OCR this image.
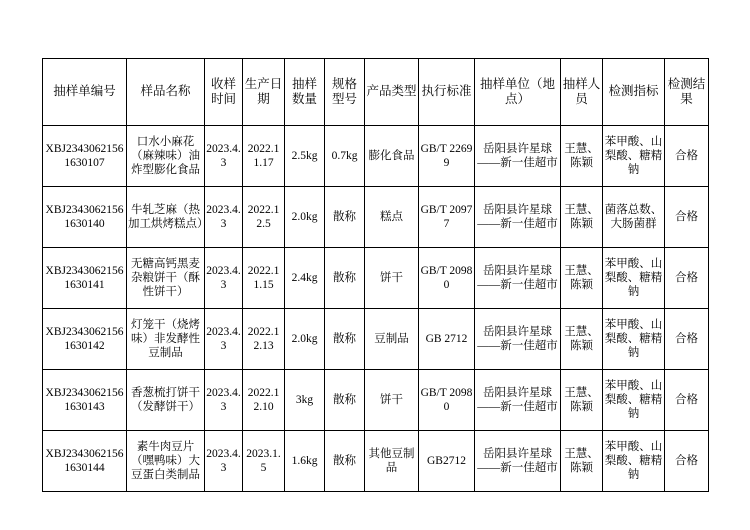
抽样单编号	样品名称	收样时间	生产日期	抽样数量	规格型号	产品类型	执行标准	抽样单位（地点）	抽样人员	检测指标	检测结果
XBJ23430621561630107	口水小麻花（麻辣味）油炸型膨化食品	2023.4.3	2022.11.17	2.5kg	0.7kg	膨化食品	GB/T 22699	岳阳县许星球——新一佳超市	王慧、陈颖	苯甲酸、山梨酸、糖精钠	合格
XBJ23430621561630140	牛轧芝麻（热加工烘烤糕点）	2023.4.3	2022.12.5	2.0kg	散称	糕点	GB/T 20977	岳阳县许星球——新一佳超市	王慧、陈颖	菌落总数、大肠菌群	合格
XBJ23430621561630141	无糖高钙黑麦杂粮饼干（酥性饼干）	2023.4.3	2022.11.15	2.4kg	散称	饼干	GB/T 20980	岳阳县许星球——新一佳超市	王慧、陈颖	苯甲酸、山梨酸、糖精钠	合格
XBJ23430621561630142	灯笼干（烧烤味）非发酵性豆制品	2023.4.3	2022.12.13	2.0kg	散称	豆制品	GB 2712	岳阳县许星球——新一佳超市	王慧、陈颖	苯甲酸、山梨酸、糖精钠	合格
XBJ23430621561630143	香葱梳打饼干（发酵饼干）	2023.4.3	2022.12.10	3kg	散称	饼干	GB/T 20980	岳阳县许星球——新一佳超市	王慧、陈颖	苯甲酸、山梨酸、糖精钠	合格
XBJ23430621561630144	素牛肉豆片（嘿鸭味）大豆蛋白类制品	2023.4.3	2023.1.5	1.6kg	散称	其他豆制品	GB2712	岳阳县许星球——新一佳超市	王慧、陈颖	苯甲酸、山梨酸、糖精钠	合格
